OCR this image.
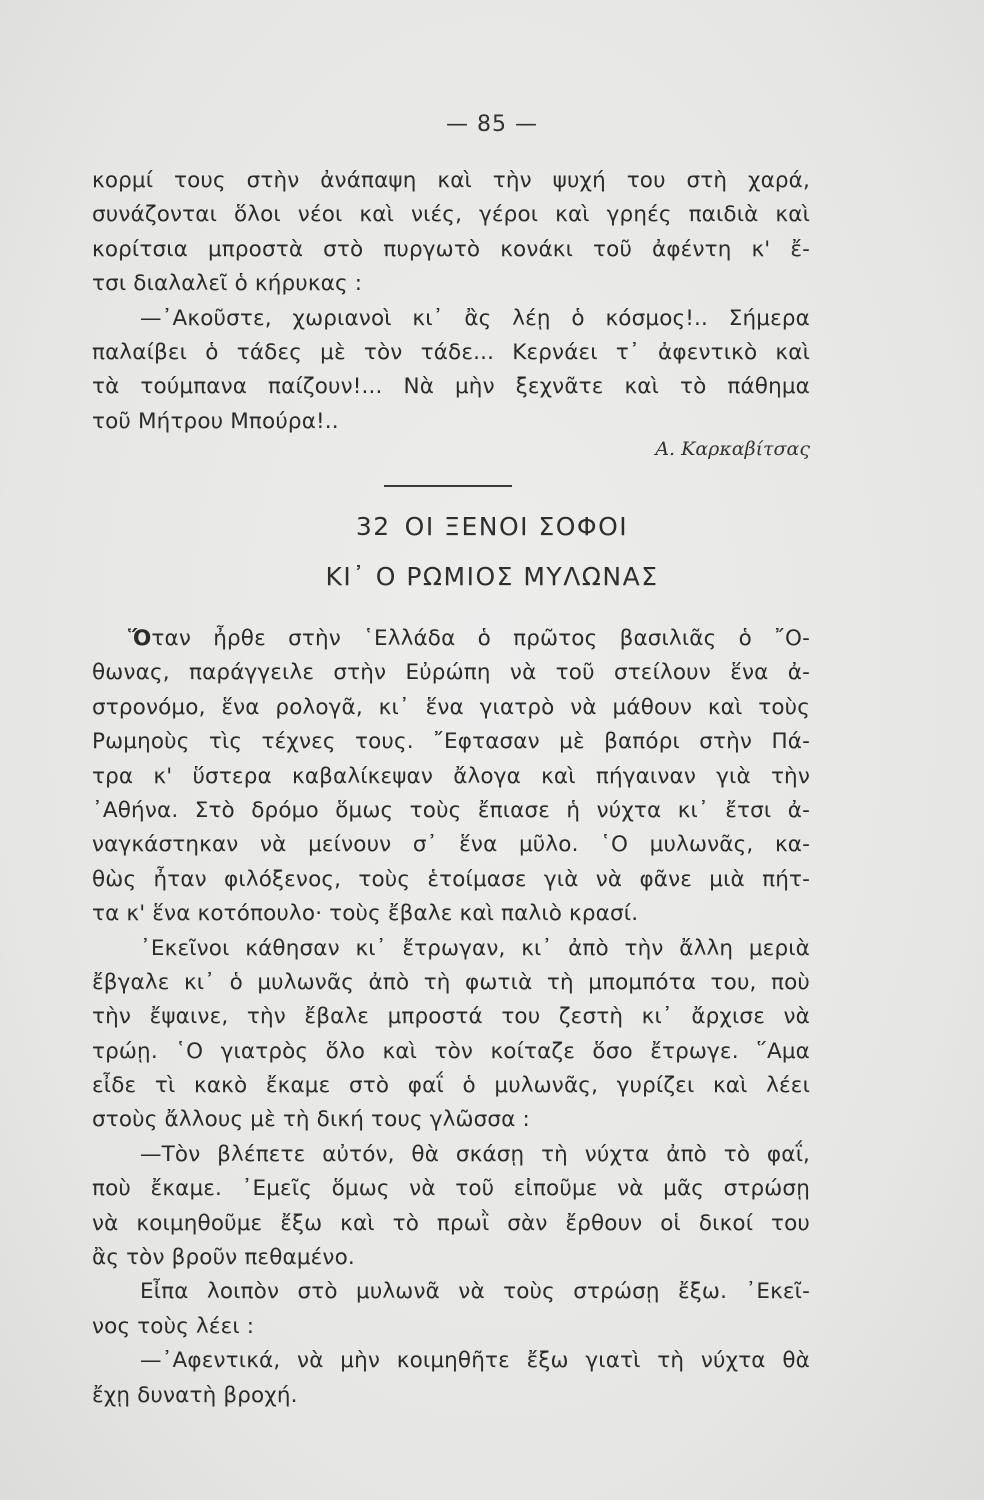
— 85 —
κορμί τους στὴν ἀνάπαψη καὶ τὴν ψυχή του στὴ χαρά,
συνάζονται ὅλοι νέοι καὶ νιές, γέροι καὶ γρηές παιδιὰ καὶ
κορίτσια μπροστὰ στὸ πυργωτὸ κονάκι τοῦ ἀφέντη κ' ἔ-
τσι διαλαλεῖ ὁ κήρυκας :
—᾿Ακοῦστε, χωριανοὶ κι᾿ ἂς λέῃ ὁ κόσμος!.. Σήμερα
παλαίβει ὁ τάδες μὲ τὸν τάδε... Κερνάει τ᾿ ἀφεντικὸ καὶ
τὰ τούμπανα παίζουν!... Νὰ μὴν ξεχνᾶτε καὶ τὸ πάθημα
τοῦ Μήτρου Μπούρα!..
Α. Καρκαβίτσας
32 ΟΙ ΞΕΝΟΙ ΣΟΦΟΙ
ΚΙ᾿ Ο ΡΩΜΙΟΣ ΜΥΛΩΝΑΣ
Ὅταν ἦρθε στὴν ῾Ελλάδα ὁ πρῶτος βασιλιᾶς ὁ ῎Ο-
θωνας, παράγγειλε στὴν Εὐρώπη νὰ τοῦ στείλουν ἕνα ἀ-
στρονόμο, ἕνα ρολογᾶ, κι᾿ ἕνα γιατρὸ νὰ μάθουν καὶ τοὺς
Ρωμηοὺς τὶς τέχνες τους. ῎Εφτασαν μὲ βαπόρι στὴν Πά-
τρα κ' ὕστερα καβαλίκεψαν ἄλογα καὶ πήγαιναν γιὰ τὴν
᾿Αθήνα. Στὸ δρόμο ὅμως τοὺς ἔπιασε ἡ νύχτα κι᾿ ἔτσι ἀ-
ναγκάστηκαν νὰ μείνουν σ᾿ ἕνα μῦλο. ῾Ο μυλωνᾶς, κα-
θὼς ἦταν φιλόξενος, τοὺς ἑτοίμασε γιὰ νὰ φᾶνε μιὰ πήτ-
τα κ' ἕνα κοτόπουλο· τοὺς ἔβαλε καὶ παλιὸ κρασί.
᾿Εκεῖνοι κάθησαν κι᾿ ἔτρωγαν, κι᾿ ἀπὸ τὴν ἄλλη μεριὰ
ἔβγαλε κι᾿ ὁ μυλωνᾶς ἀπὸ τὴ φωτιὰ τὴ μπομπότα του, ποὺ
τὴν ἔψαινε, τὴν ἔβαλε μπροστά του ζεστὴ κι᾿ ἄρχισε νὰ
τρώῃ. ῾Ο γιατρὸς ὅλο καὶ τὸν κοίταζε ὅσο ἔτρωγε. ῞Αμα
εἶδε τὶ κακὸ ἔκαμε στὸ φαΐ ὁ μυλωνᾶς, γυρίζει καὶ λέει
στοὺς ἄλλους μὲ τὴ δική τους γλῶσσα :
—Τὸν βλέπετε αὐτόν, θὰ σκάσῃ τὴ νύχτα ἀπὸ τὸ φαΐ,
ποὺ ἔκαμε. ᾿Εμεῖς ὅμως νὰ τοῦ εἰποῦμε νὰ μᾶς στρώσῃ
νὰ κοιμηθοῦμε ἔξω καὶ τὸ πρωῒ σὰν ἔρθουν οἱ δικοί του
ἂς τὸν βροῦν πεθαμένο.
Εἶπα λοιπὸν στὸ μυλωνᾶ νὰ τοὺς στρώσῃ ἔξω. ᾿Εκεῖ-
νος τοὺς λέει :
—᾿Αφεντικά, νὰ μὴν κοιμηθῆτε ἔξω γιατὶ τὴ νύχτα θὰ
ἔχῃ δυνατὴ βροχή.
